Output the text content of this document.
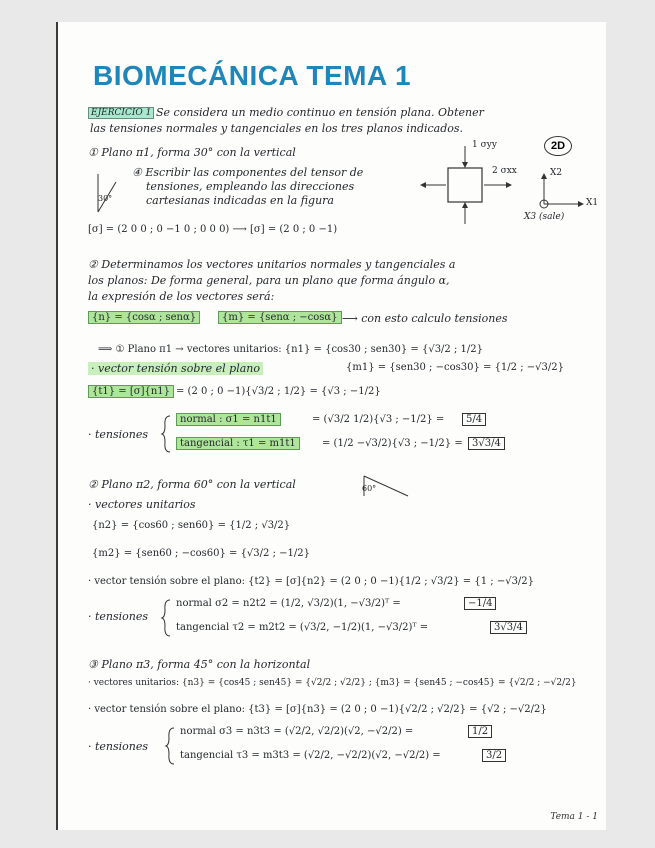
BIOMECÁNICA TEMA 1
EJERCICIO 1 Se considera un medio continuo en tensión plana. Obtener
las tensiones normales y tangenciales en los tres planos indicados.
① Plano π1, forma 30° con la vertical	2D
1 σyy
2 σxx	X2
X1
X3 (sale)
30°
④ Escribir las componentes del tensor de
tensiones, empleando las direcciones
cartesianas indicadas en la figura
[σ] = (2 0 0 ; 0 −1 0 ; 0 0 0) ⟶ [σ] = (2 0 ; 0 −1)
② Determinamos los vectores unitarios normales y tangenciales a
los planos: De forma general, para un plano que forma ángulo α,
la expresión de los vectores será:
{n} = {cosα ; senα}	{m} = {senα ; −cosα} ⟶ con esto calculo tensiones
⟹ ① Plano π1 → vectores unitarios: {n1} = {cos30 ; sen30} = {√3/2 ; 1/2}
{m1} = {sen30 ; −cos30} = {1/2 ; −√3/2}
· vector tensión sobre el plano
{t1} = [σ]{n1} = (2 0 ; 0 −1){√3/2 ; 1/2} = {√3 ; −1/2}
· tensiones
normal : σ1 = n1t1	= (√3/2 1/2){√3 ; −1/2} =	5/4
tangencial : τ1 = m1t1	= (1/2 −√3/2){√3 ; −1/2} = 3√3/4
② Plano π2, forma 60° con la vertical	60°
· vectores unitarios
{n2} = {cos60 ; sen60} = {1/2 ; √3/2}
{m2} = {sen60 ; −cos60} = {√3/2 ; −1/2}
· vector tensión sobre el plano: {t2} = [σ]{n2} = (2 0 ; 0 −1){1/2 ; √3/2} = {1 ; −√3/2}
· tensiones
normal σ2 = n2t2 = (1/2, √3/2)(1, −√3/2)ᵀ =	−1/4
tangencial τ2 = m2t2 = (√3/2, −1/2)(1, −√3/2)ᵀ =	3√3/4
③ Plano π3, forma 45° con la horizontal
· vectores unitarios: {n3} = {cos45 ; sen45} = {√2/2 ; √2/2} ; {m3} = {sen45 ; −cos45} = {√2/2 ; −√2/2}
· vector tensión sobre el plano: {t3} = [σ]{n3} = (2 0 ; 0 −1){√2/2 ; √2/2} = {√2 ; −√2/2}
· tensiones
normal σ3 = n3t3 = (√2/2, √2/2)(√2, −√2/2) =	1/2
tangencial τ3 = m3t3 = (√2/2, −√2/2)(√2, −√2/2) =	3/2
Tema 1 - 1
